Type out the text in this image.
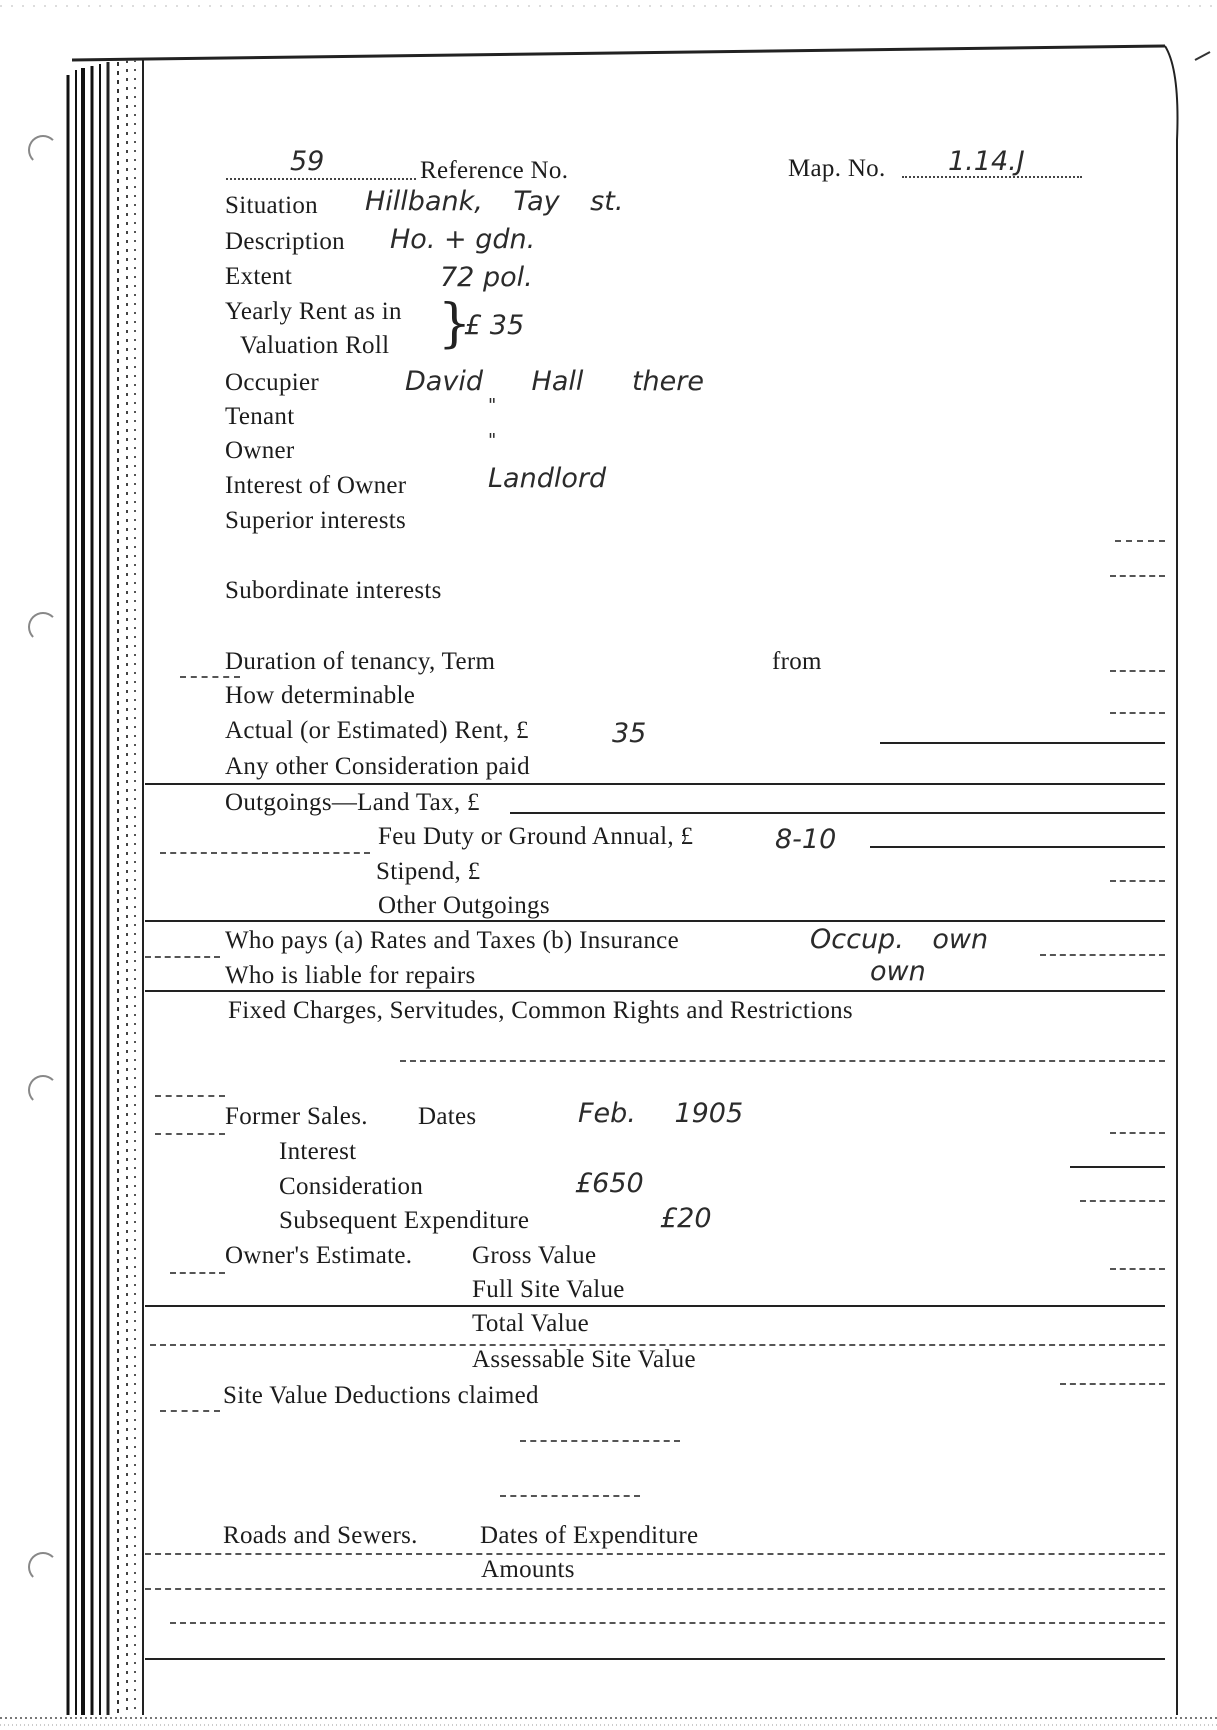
59	Reference No.	Map. No. 1.14.J
Situation Hillbank, Tay st.
Description Ho. + gdn.
Extent	72 pol.
Yearly Rent as in
Valuation Roll }
£ 35
Occupier	David Hall there
Tenant	"
Owner	"
Interest of Owner	Landlord
Superior interests
Subordinate interests
Duration of tenancy, Term	from
How determinable
Actual (or Estimated) Rent, £	35
Any other Consideration paid
Outgoings—Land Tax, £
Feu Duty or Ground Annual, £	8-10
Stipend, £
Other Outgoings
Who pays (a) Rates and Taxes (b) Insurance	Occup. own
Who is liable for repairs	own
Fixed Charges, Servitudes, Common Rights and Restrictions
Former Sales. Dates	Feb. 1905
Interest
Consideration	£650
Subsequent Expenditure	£20
Owner's Estimate. Gross Value
Full Site Value
Total Value
Assessable Site Value
Site Value Deductions claimed
Roads and Sewers. Dates of Expenditure
Amounts
